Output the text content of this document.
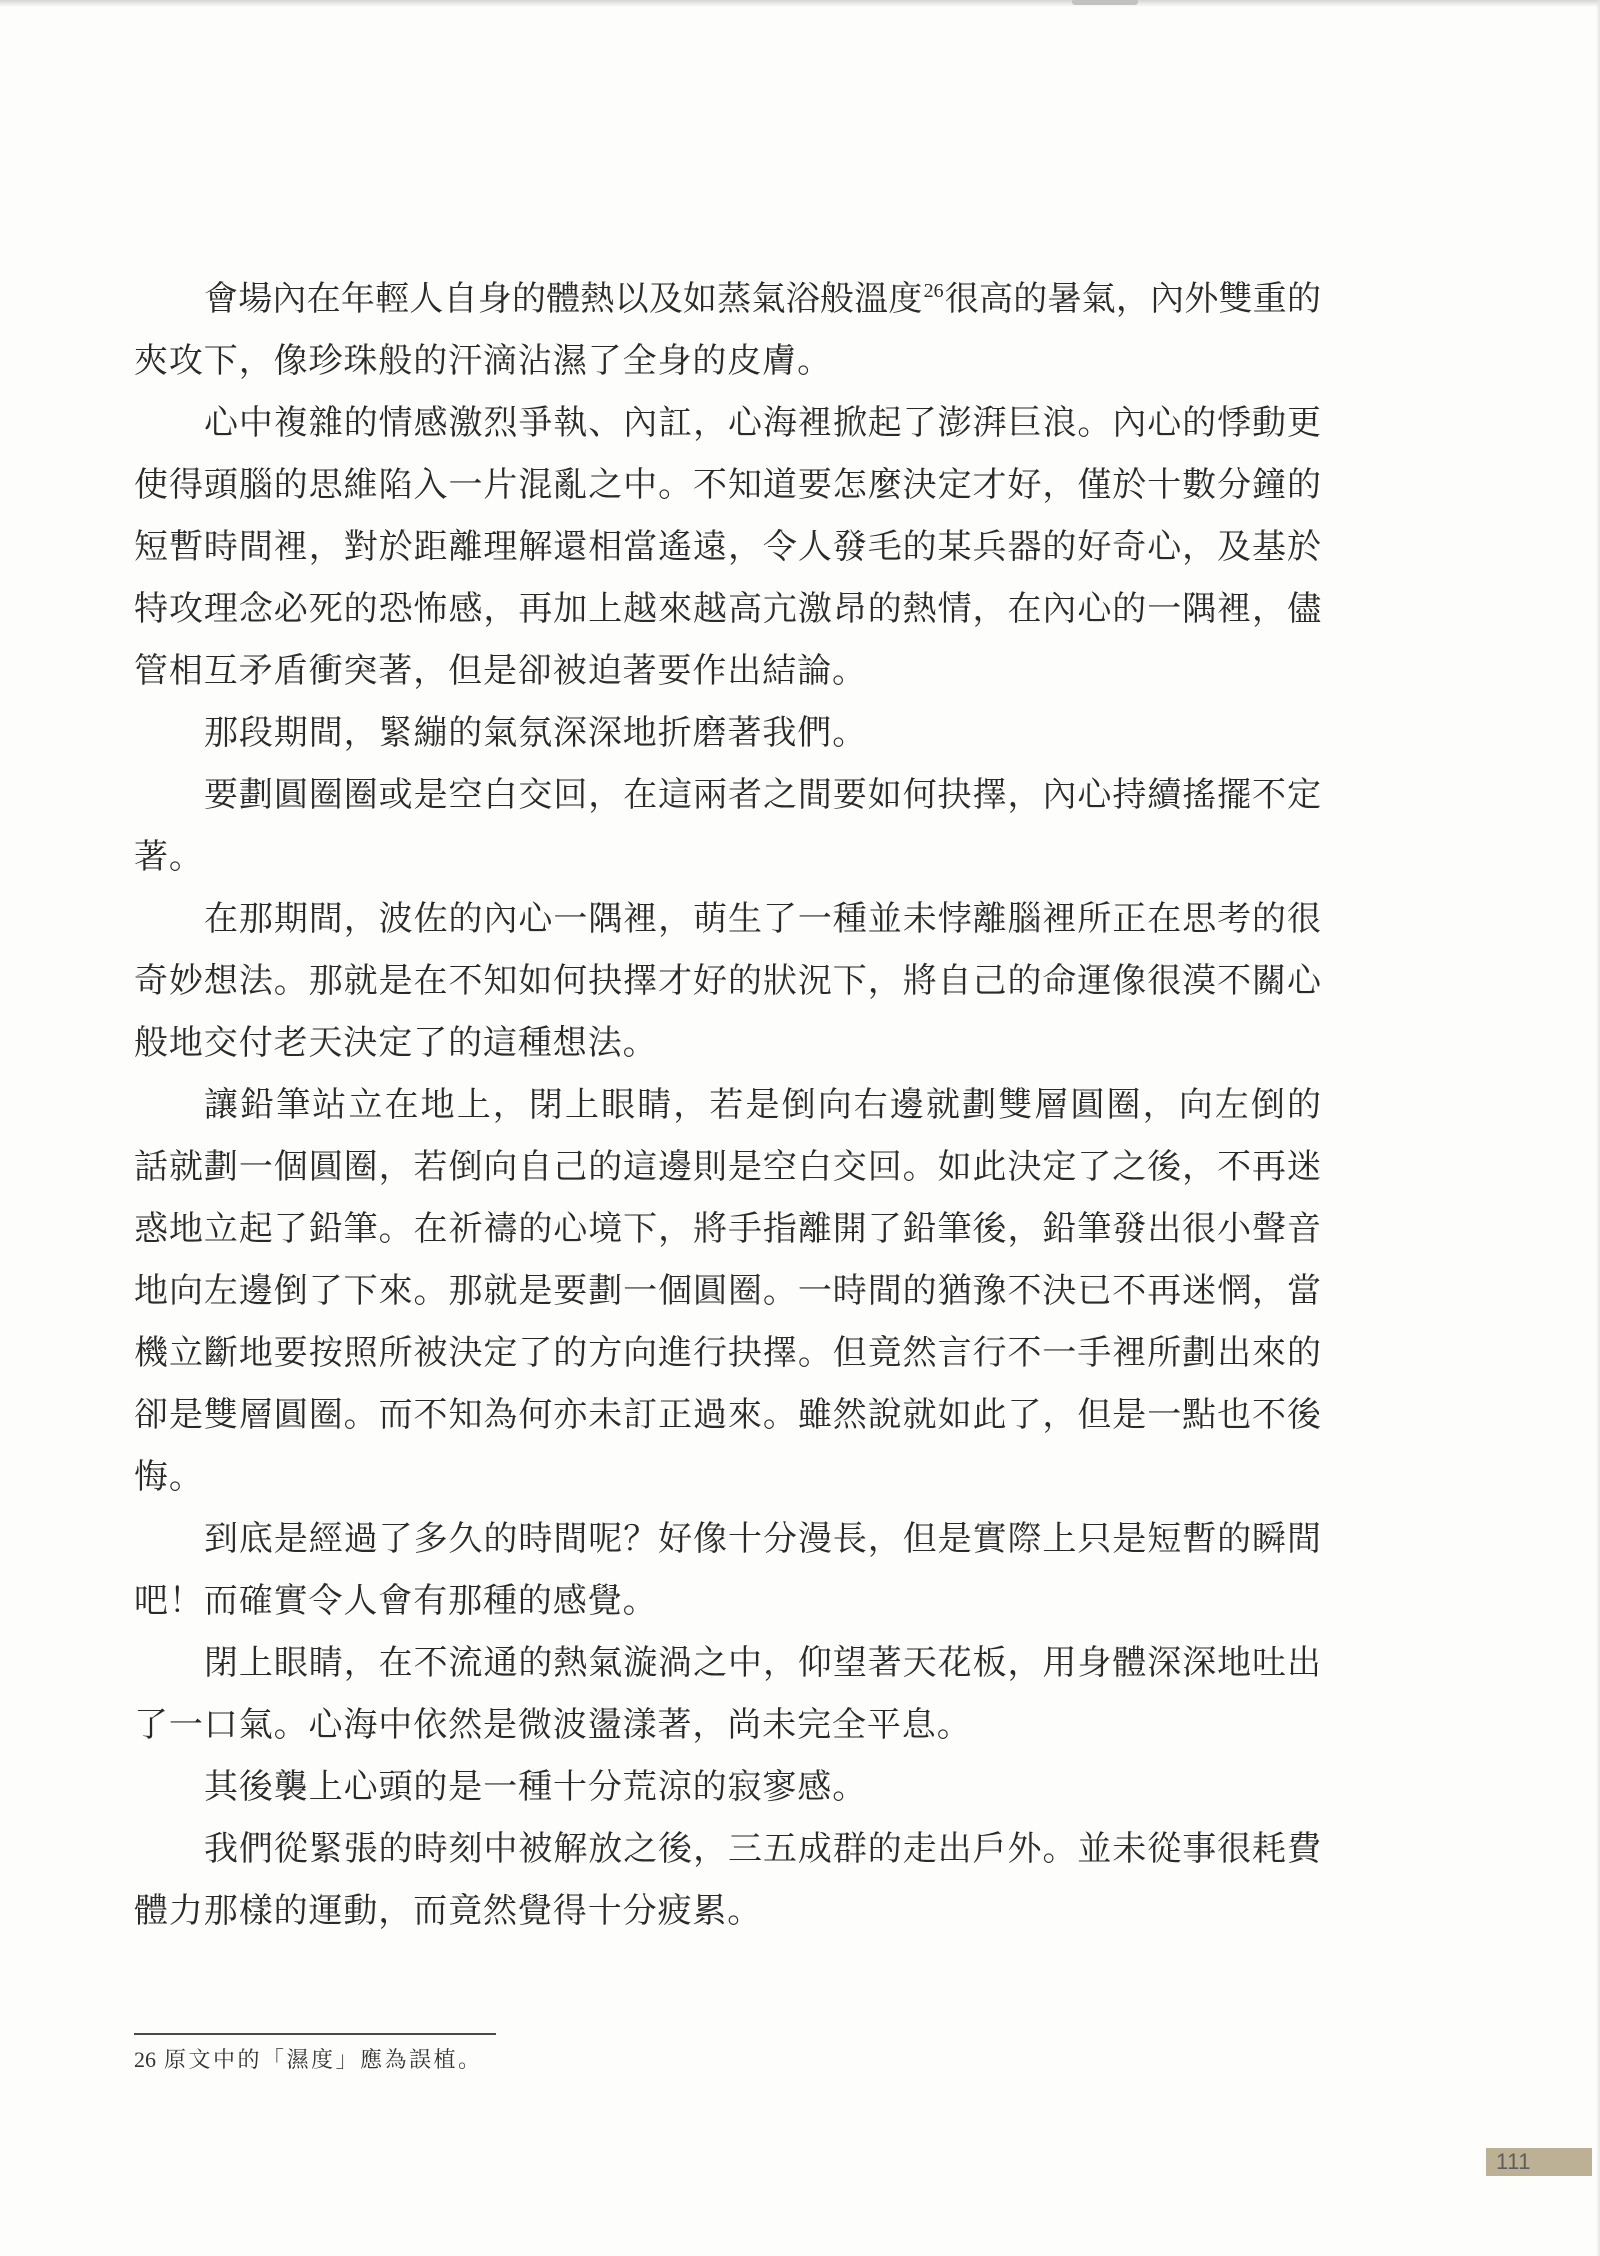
會場內在年輕人自身的體熱以及如蒸氣浴般溫度$^{26}$很高的暑氣，內外雙重的
夾攻下，像珍珠般的汗滴沾濕了全身的皮膚。
心中複雜的情感激烈爭執、內訌，心海裡掀起了澎湃巨浪。內心的悸動更
使得頭腦的思維陷入一片混亂之中。不知道要怎麼決定才好，僅於十數分鐘的
短暫時間裡，對於距離理解還相當遙遠，令人發毛的某兵器的好奇心，及基於
特攻理念必死的恐怖感，再加上越來越高亢激昂的熱情，在內心的一隅裡，儘
管相互矛盾衝突著，但是卻被迫著要作出結論。
那段期間，緊繃的氣氛深深地折磨著我們。
要劃圓圈圈或是空白交回，在這兩者之間要如何抉擇，內心持續搖擺不定
著。
在那期間，波佐的內心一隅裡，萌生了一種並未悖離腦裡所正在思考的很
奇妙想法。那就是在不知如何抉擇才好的狀況下，將自己的命運像很漠不關心
般地交付老天決定了的這種想法。
讓鉛筆站立在地上，閉上眼睛，若是倒向右邊就劃雙層圓圈，向左倒的
話就劃一個圓圈，若倒向自己的這邊則是空白交回。如此決定了之後，不再迷
惑地立起了鉛筆。在祈禱的心境下，將手指離開了鉛筆後，鉛筆發出很小聲音
地向左邊倒了下來。那就是要劃一個圓圈。一時間的猶豫不決已不再迷惘，當
機立斷地要按照所被決定了的方向進行抉擇。但竟然言行不一手裡所劃出來的
卻是雙層圓圈。而不知為何亦未訂正過來。雖然說就如此了，但是一點也不後
悔。
到底是經過了多久的時間呢？好像十分漫長，但是實際上只是短暫的瞬間
吧！而確實令人會有那種的感覺。
閉上眼睛，在不流通的熱氣漩渦之中，仰望著天花板，用身體深深地吐出
了一口氣。心海中依然是微波盪漾著，尚未完全平息。
其後襲上心頭的是一種十分荒涼的寂寥感。
我們從緊張的時刻中被解放之後，三五成群的走出戶外。並未從事很耗費
體力那樣的運動，而竟然覺得十分疲累。
26 原文中的「濕度」應為誤植。
111
